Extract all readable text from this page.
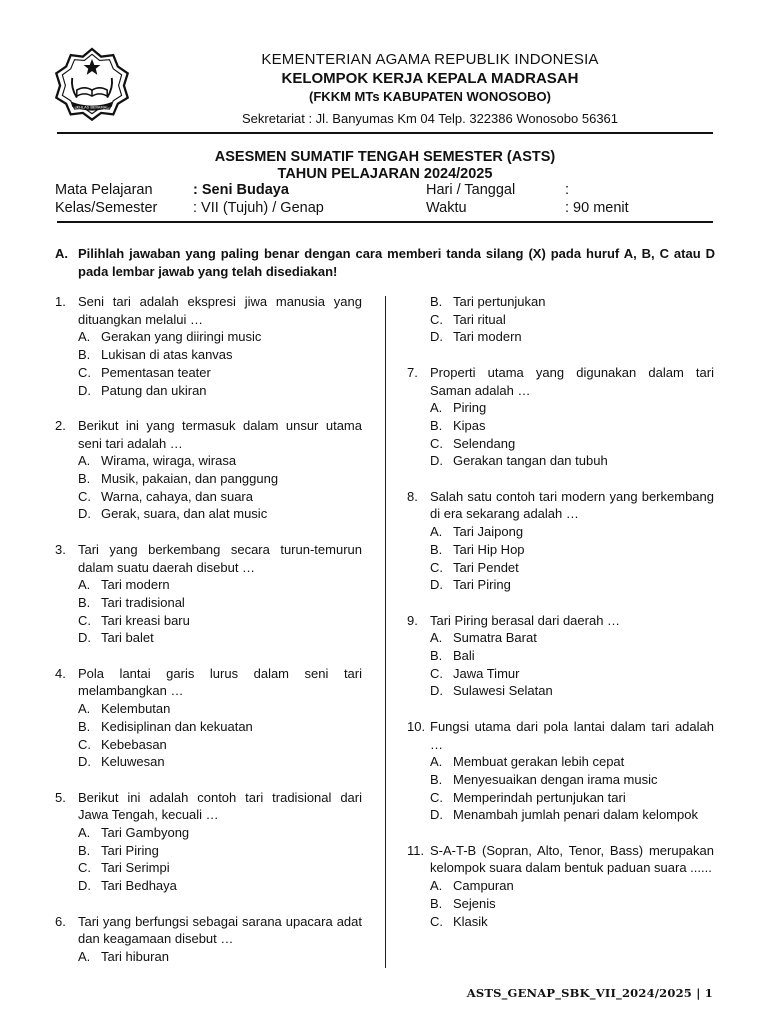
IKHLAS BERAMAL
KEMENTERIAN AGAMA REPUBLIK INDONESIA
KELOMPOK KERJA KEPALA MADRASAH
(FKKM MTs KABUPATEN WONOSOBO)
Sekretariat : Jl. Banyumas Km 04 Telp. 322386 Wonosobo 56361
ASESMEN SUMATIF TENGAH SEMESTER (ASTS)
TAHUN PELAJARAN 2024/2025
Mata Pelajaran	: Seni Budaya	Hari / Tanggal	:
Kelas/Semester : VII (Tujuh) / Genap	Waktu	: 90 menit
A. Pilihlah jawaban yang paling benar dengan cara memberi tanda silang (X) pada huruf A, B, C atau D pada lembar jawab yang telah disediakan!
1. Seni tari adalah ekspresi jiwa manusia yang dituangkan melalui …
A. Gerakan yang diiringi music
B. Lukisan di atas kanvas
C. Pementasan teater
D. Patung dan ukiran
2. Berikut ini yang termasuk dalam unsur utama seni tari adalah …
A. Wirama, wiraga, wirasa
B. Musik, pakaian, dan panggung
C. Warna, cahaya, dan suara
D. Gerak, suara, dan alat music
3. Tari yang berkembang secara turun-temurun dalam suatu daerah disebut …
A. Tari modern
B. Tari tradisional
C. Tari kreasi baru
D. Tari balet
4. Pola lantai garis lurus dalam seni tari melambangkan …
A. Kelembutan
B. Kedisiplinan dan kekuatan
C. Kebebasan
D. Keluwesan
5. Berikut ini adalah contoh tari tradisional dari Jawa Tengah, kecuali …
A. Tari Gambyong
B. Tari Piring
C. Tari Serimpi
D. Tari Bedhaya
6. Tari yang berfungsi sebagai sarana upacara adat dan keagamaan disebut …
A. Tari hiburan
B. Tari pertunjukan
C. Tari ritual
D. Tari modern
7. Properti utama yang digunakan dalam tari Saman adalah …
A. Piring
B. Kipas
C. Selendang
D. Gerakan tangan dan tubuh
8. Salah satu contoh tari modern yang berkembang di era sekarang adalah …
A. Tari Jaipong
B. Tari Hip Hop
C. Tari Pendet
D. Tari Piring
9. Tari Piring berasal dari daerah …
A. Sumatra Barat
B. Bali
C. Jawa Timur
D. Sulawesi Selatan
10. Fungsi utama dari pola lantai dalam tari adalah …
A. Membuat gerakan lebih cepat
B. Menyesuaikan dengan irama music
C. Memperindah pertunjukan tari
D. Menambah jumlah penari dalam kelompok
11. S-A-T-B (Sopran, Alto, Tenor, Bass) merupakan kelompok suara dalam bentuk paduan suara ......
A. Campuran
B. Sejenis
C. Klasik
ASTS_GENAP_SBK_VII_2024/2025 | 1
